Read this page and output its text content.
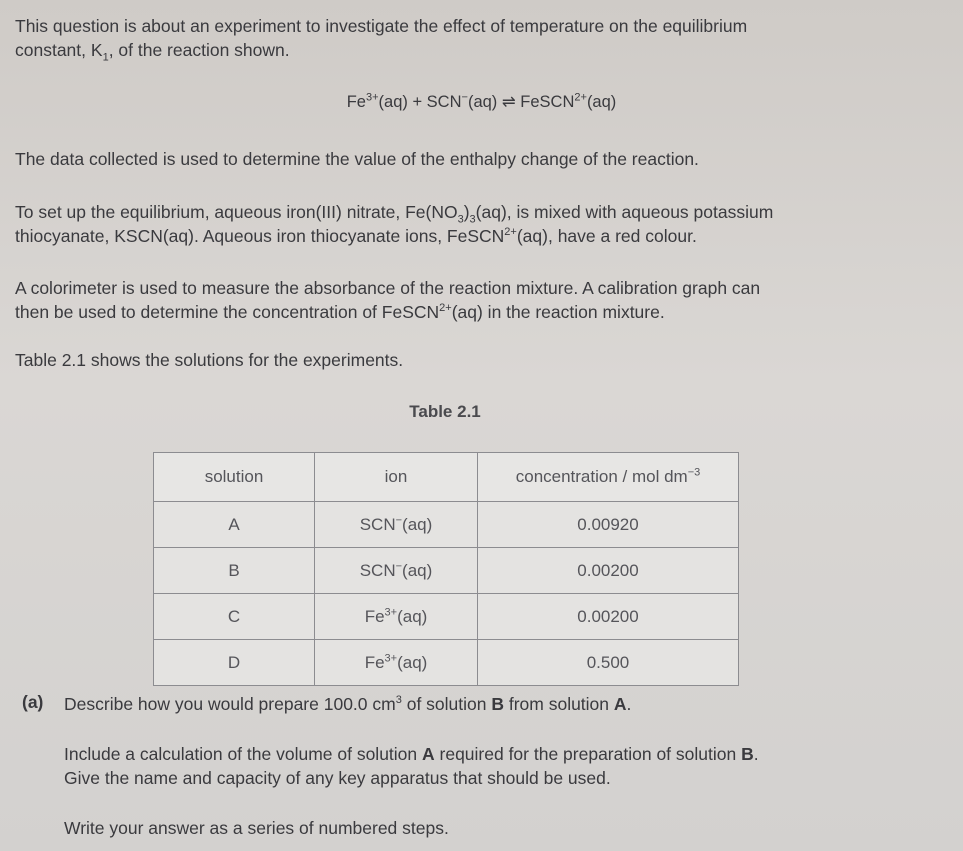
This question is about an experiment to investigate the effect of temperature on the equilibrium
constant, $K_1$, of the reaction shown.

$Fe^{3+}(aq) + SCN^-(aq)$ ⇌ FeSCN$^{2+}$(aq)

The data collected is used to determine the value of the enthalpy change of the reaction.

To set up the equilibrium, aqueous iron(III) nitrate, $Fe(NO_3)_3(aq)$, is mixed with aqueous potassium
thiocyanate, KSCN(aq). Aqueous iron thiocyanate ions, FeSCN$^{2+}$(aq), have a red colour.

A colorimeter is used to measure the absorbance of the reaction mixture. A calibration graph can
then be used to determine the concentration of FeSCN$^{2+}$(aq) in the reaction mixture.

Table 2.1 shows the solutions for the experiments.

Table 2.1
solution	ion	concentration / mol $dm^{-3}$
A	SCN−(aq)	0.00920
B	SCN−(aq)	0.00200
C	$Fe^{3+}(aq)$	0.00200
D	$Fe^{3+}(aq)$	0.500
(a) Describe how you would prepare 100.0 $cm^3$ of solution B from solution A.

Include a calculation of the volume of solution A required for the preparation of solution B.
Give the name and capacity of any key apparatus that should be used.

Write your answer as a series of numbered steps.
